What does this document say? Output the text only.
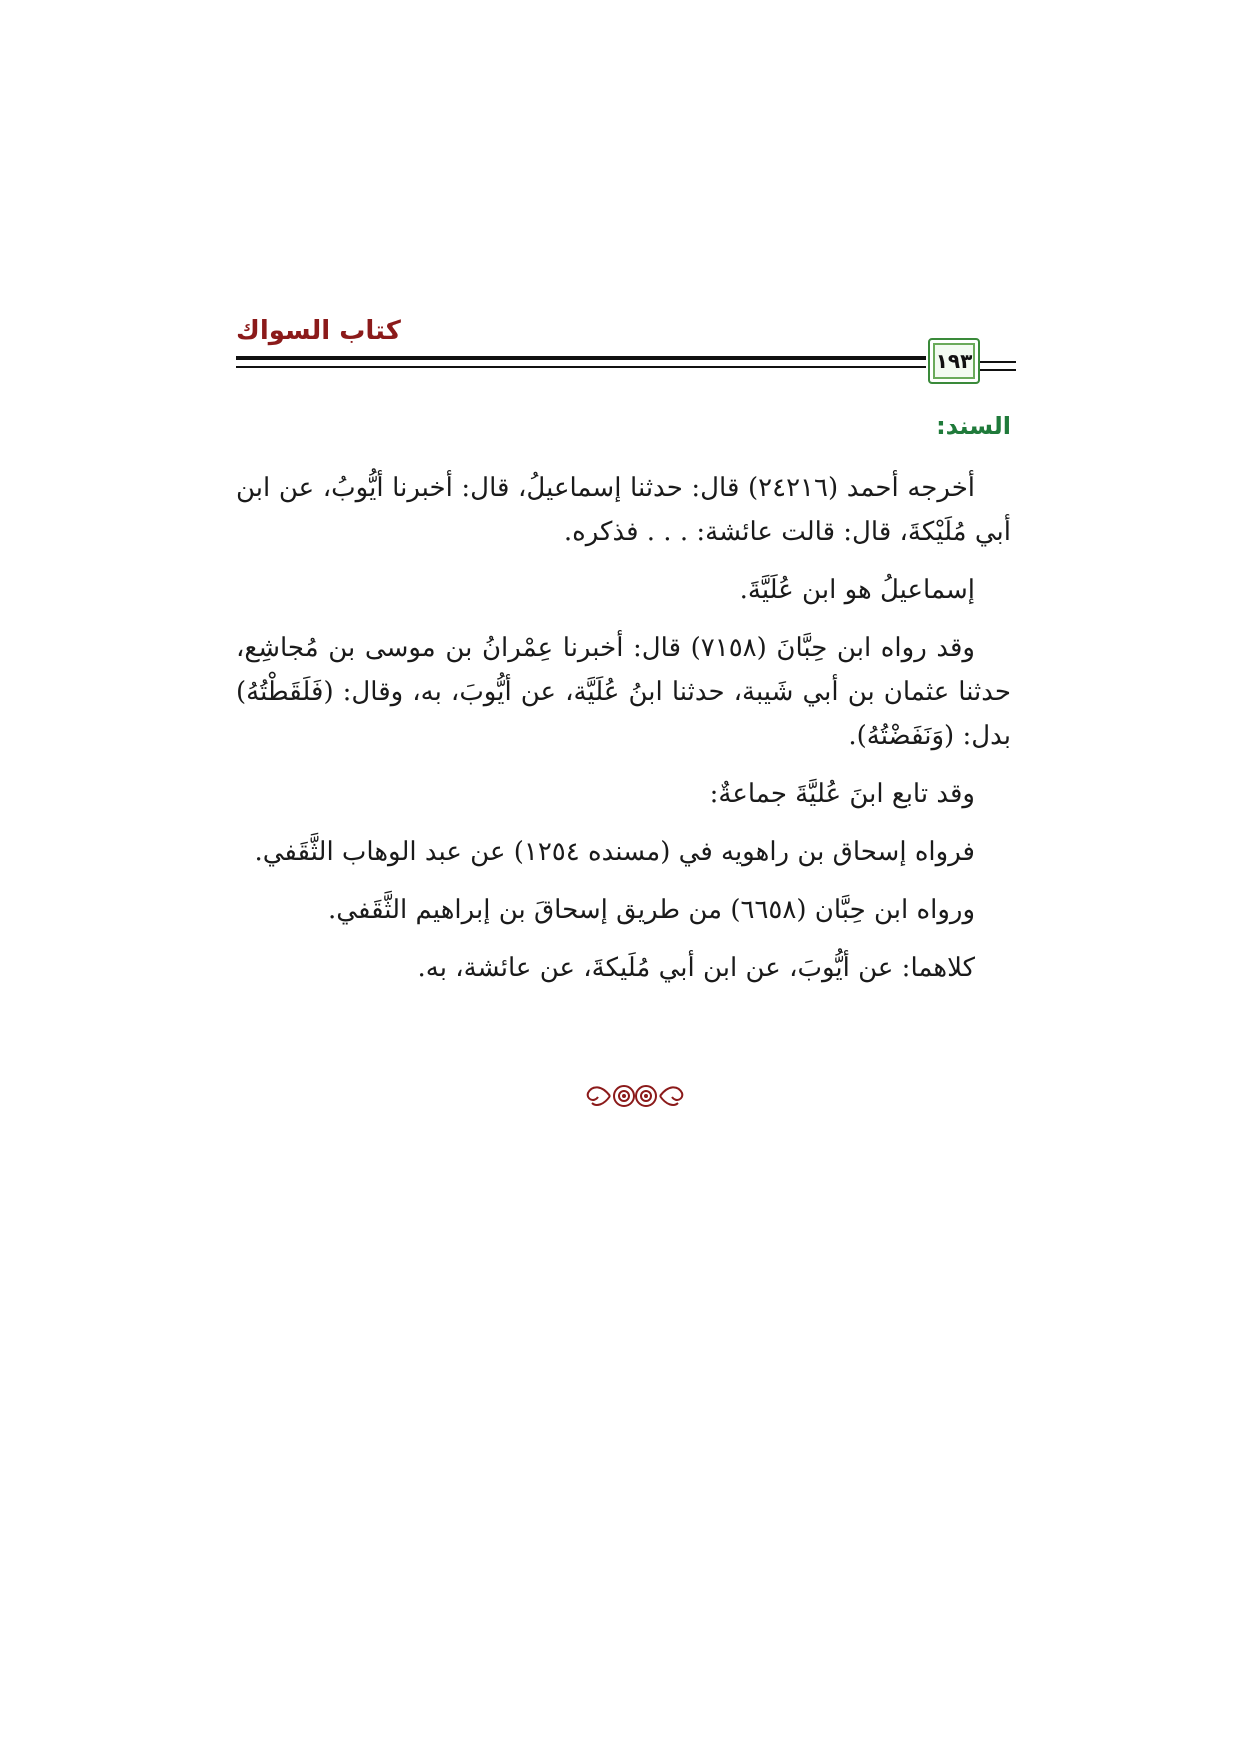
كتاب السواك
١٩٣
السند:

أخرجه أحمد (٢٤٢١٦) قال: حدثنا إسماعيلُ، قال: أخبرنا أيُّوبُ، عن ابن أبي مُلَيْكةَ، قال: قالت عائشة: . . . فذكره.

إسماعيلُ هو ابن عُلَيَّةَ.

وقد رواه ابن حِبَّانَ (٧١٥٨) قال: أخبرنا عِمْرانُ بن موسى بن مُجاشِع، حدثنا عثمان بن أبي شَيبة، حدثنا ابنُ عُلَيَّة، عن أيُّوبَ، به، وقال: (فَلَقَطْتُهُ) بدل: (وَنَفَضْتُهُ).

وقد تابع ابنَ عُليَّةَ جماعةٌ:

فرواه إسحاق بن راهويه في (مسنده ١٢٥٤) عن عبد الوهاب الثَّقَفي.

ورواه ابن حِبَّان (٦٦٥٨) من طريق إسحاقَ بن إبراهيم الثَّقَفي.

كلاهما: عن أيُّوبَ، عن ابن أبي مُلَيكةَ، عن عائشة، به.
